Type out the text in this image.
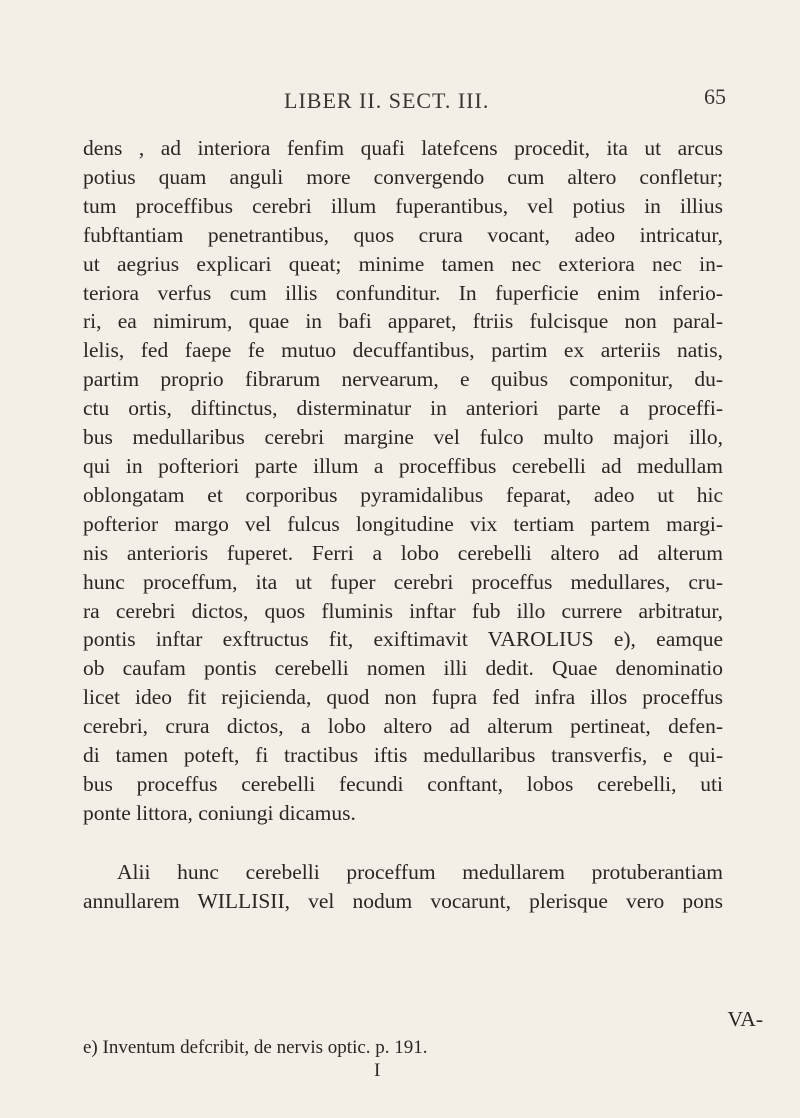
LIBER II. SECT. III.	65
dens , ad interiora fenfim quafi latefcens procedit, ita ut arcus
potius quam anguli more convergendo cum altero confletur;
tum proceffibus cerebri illum fuperantibus, vel potius in illius
fubftantiam penetrantibus, quos crura vocant, adeo intricatur,
ut aegrius explicari queat; minime tamen nec exteriora nec in-
teriora verfus cum illis confunditur. In fuperficie enim inferio-
ri, ea nimirum, quae in bafi apparet, ftriis fulcisque non paral-
lelis, fed faepe fe mutuo decuffantibus, partim ex arteriis natis,
partim proprio fibrarum nervearum, e quibus componitur, du-
ctu ortis, diftinctus, disterminatur in anteriori parte a proceffi-
bus medullaribus cerebri margine vel fulco multo majori illo,
qui in pofteriori parte illum a proceffibus cerebelli ad medullam
oblongatam et corporibus pyramidalibus feparat, adeo ut hic
pofterior margo vel fulcus longitudine vix tertiam partem margi-
nis anterioris fuperet. Ferri a lobo cerebelli altero ad alterum
hunc proceffum, ita ut fuper cerebri proceffus medullares, cru-
ra cerebri dictos, quos fluminis inftar fub illo currere arbitratur,
pontis inftar exftructus fit, exiftimavit VAROLIUS e), eamque
ob caufam pontis cerebelli nomen illi dedit. Quae denominatio
licet ideo fit rejicienda, quod non fupra fed infra illos proceffus
cerebri, crura dictos, a lobo altero ad alterum pertineat, defen-
di tamen poteft, fi tractibus iftis medullaribus transverfis, e qui-
bus proceffus cerebelli fecundi conftant, lobos cerebelli, uti
ponte littora, coniungi dicamus.
Alii hunc cerebelli proceffum medullarem protuberantiam
annullarem WILLISII, vel nodum vocarunt, plerisque vero pons
VA-
e) Inventum defcribit, de nervis optic. p. 191.
I
